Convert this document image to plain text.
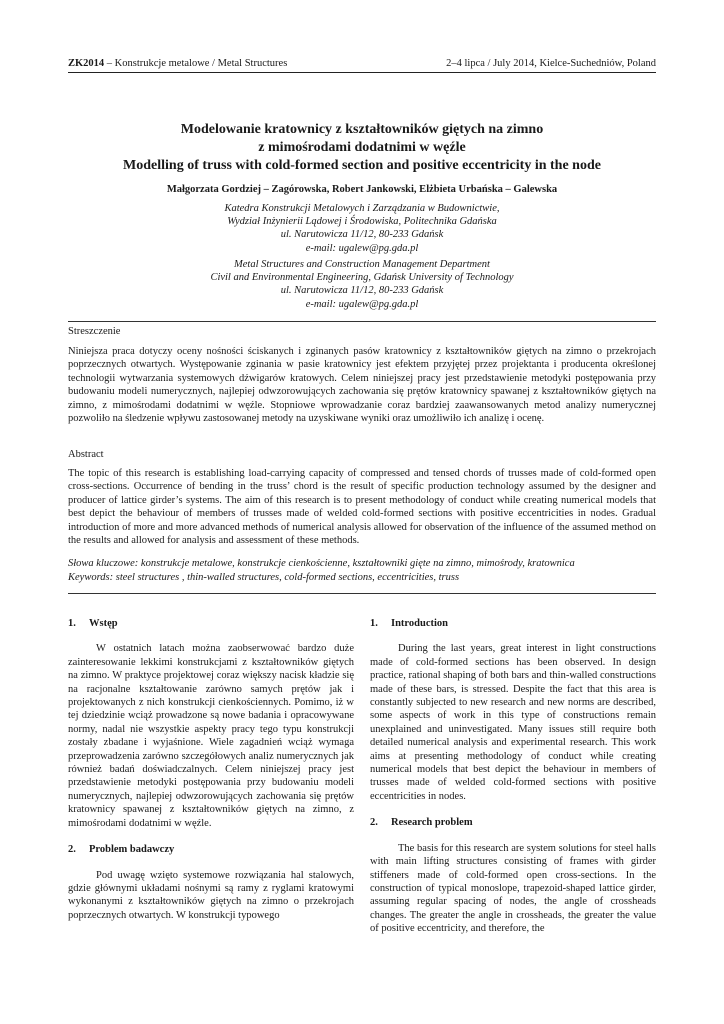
ZK2014 – Konstrukcje metalowe / Metal Structures	2–4 lipca / July 2014, Kielce-Suchedniów, Poland
Modelowanie kratownicy z kształtowników giętych na zimno
z mimośrodami dodatnimi w węźle
Modelling of truss with cold-formed section and positive eccentricity in the node
Małgorzata Gordziej – Zagórowska, Robert Jankowski, Elżbieta Urbańska – Galewska
Katedra Konstrukcji Metalowych i Zarządzania w Budownictwie,
Wydział Inżynierii Lądowej i Środowiska, Politechnika Gdańska
ul. Narutowicza 11/12, 80-233 Gdańsk
e-mail: ugalew@pg.gda.pl
Metal Structures and Construction Management Department
Civil and Environmental Engineering, Gdańsk University of Technology
ul. Narutowicza 11/12, 80-233 Gdańsk
e-mail: ugalew@pg.gda.pl
Streszczenie
Niniejsza praca dotyczy oceny nośności ściskanych i zginanych pasów kratownicy z kształtowników giętych na zimno o przekrojach poprzecznych otwartych. Występowanie zginania w pasie kratownicy jest efektem przyjętej przez projektanta i producenta określonej technologii wytwarzania systemowych dźwigarów kratowych. Celem niniejszej pracy jest przedstawienie metodyki postępowania przy budowaniu modeli numerycznych, najlepiej odwzorowujących zachowania się prętów kratownicy spawanej z kształtowników giętych na zimno, z mimośrodami dodatnimi w węźle. Stopniowe wprowadzanie coraz bardziej zaawansowanych metod analizy numerycznej pozwoliło na śledzenie wpływu zastosowanej metody na uzyskiwane wyniki oraz umożliwiło ich analizę i ocenę.
Abstract
The topic of this research is establishing load-carrying capacity of compressed and tensed chords of trusses made of cold-formed open cross-sections. Occurrence of bending in the truss’ chord is the result of specific production technology assumed by the designer and producer of lattice girder’s systems. The aim of this research is to present methodology of conduct while creating numerical models that best depict the behaviour of members of trusses made of welded cold-formed sections with positive eccentricities in nodes. Gradual introduction of more and more advanced methods of numerical analysis allowed for observation of the influence of the assumed method on the results and allowed for analysis and assessment of these methods.
Słowa kluczowe: konstrukcje metalowe, konstrukcje cienkościenne, kształtowniki gięte na zimno, mimośrody, kratownica
Keywords: steel structures , thin-walled structures, cold-formed sections, eccentricities, truss
1.	Wstęp

W ostatnich latach można zaobserwować bardzo duże zainteresowanie lekkimi konstrukcjami z kształtowników giętych na zimno. W praktyce projektowej coraz większy nacisk kładzie się na racjonalne kształtowanie zarówno samych prętów jak i projektowanych z nich konstrukcji cienkościennych. Pomimo, iż w tej dziedzinie wciąż prowadzone są nowe badania i opracowywane normy, nadal nie wszystkie aspekty pracy tego typu konstrukcji zostały zbadane i wyjaśnione. Wiele zagadnień wciąż wymaga przeprowadzenia zarówno szczegółowych analiz numerycznych jak również badań doświadczalnych. Celem niniejszej pracy jest przedstawienie metodyki postępowania przy budowaniu modeli numerycznych, najlepiej odwzorowujących zachowania się prętów kratownicy spawanej z kształtowników giętych na zimno, z mimośrodami dodatnimi w węźle.

2.	Problem badawczy

Pod uwagę wzięto systemowe rozwiązania hal stalowych, gdzie głównymi układami nośnymi są ramy z ryglami kratowymi wykonanymi z kształtowników giętych na zimno o przekrojach poprzecznych otwartych. W konstrukcji typowego

1.	Introduction

During the last years, great interest in light constructions made of cold-formed sections has been observed. In design practice, rational shaping of both bars and thin-walled constructions made of these bars, is stressed. Despite the fact that this area is constantly subjected to new research and new norms are described, some aspects of work in this type of constructions remain unexplained and uninvestigated. Many issues still require both detailed numerical analysis and experimental research. This work aims at presenting methodology of conduct while creating numerical models that best depict the behaviour in members of trusses made of welded cold-formed sections with positive eccentricities in nodes.

2.	Research problem

The basis for this research are system solutions for steel halls with main lifting structures consisting of frames with girder stiffeners made of cold-formed open cross-sections. In the construction of typical monoslope, trapezoid-shaped lattice girder, assuming regular spacing of nodes, the angle of crossheads changes. The greater the angle in crossheads, the greater the value of positive eccentricity, and therefore, the
